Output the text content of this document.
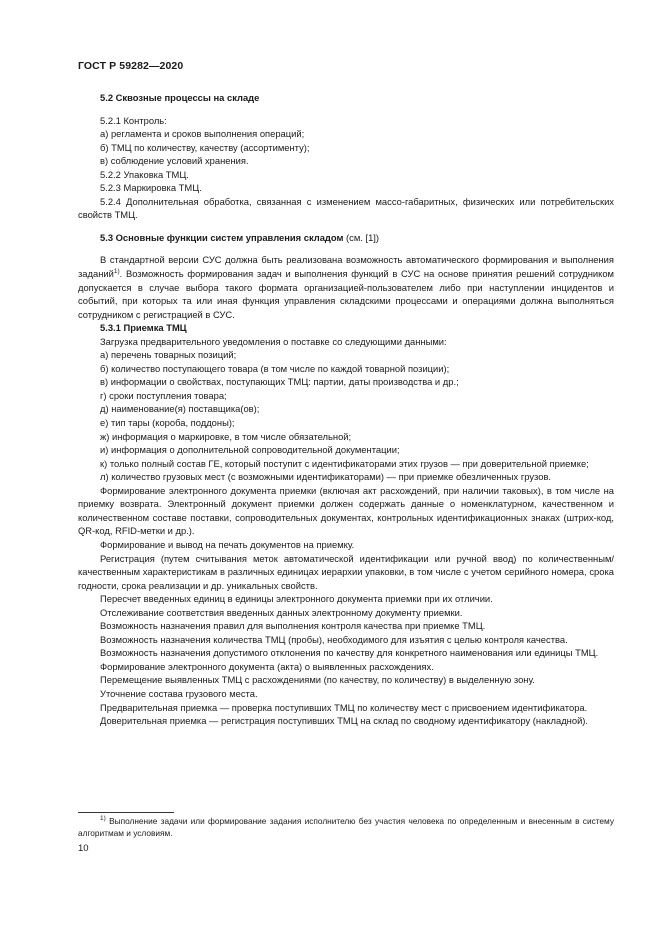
ГОСТ Р 59282—2020

5.2 Сквозные процессы на складе

5.2.1 Контроль:

а) регламента и сроков выполнения операций;

б) ТМЦ по количеству, качеству (ассортименту);

в) соблюдение условий хранения.

5.2.2 Упаковка ТМЦ.

5.2.3 Маркировка ТМЦ.

5.2.4 Дополнительная обработка, связанная с изменением массо-габаритных, физических или потребительских свойств ТМЦ.

5.3 Основные функции систем управления складом (см. [1])

В стандартной версии СУС должна быть реализована возможность автоматического формирования и выполнения заданий$^{1)}$. Возможность формирования задач и выполнения функций в СУС на основе принятия решений сотрудником допускается в случае выбора такого формата организацией-пользователем либо при наступлении инцидентов и событий, при которых та или иная функция управления складскими процессами и операциями должна выполняться сотрудником с регистрацией в СУС.

5.3.1 Приемка ТМЦ

Загрузка предварительного уведомления о поставке со следующими данными:

а) перечень товарных позиций;

б) количество поступающего товара (в том числе по каждой товарной позиции);

в) информации о свойствах, поступающих ТМЦ: партии, даты производства и др.;

г) сроки поступления товара;

д) наименование(я) поставщика(ов);

е) тип тары (короба, поддоны);

ж) информация о маркировке, в том числе обязательной;

и) информация о дополнительной сопроводительной документации;

к) только полный состав ГЕ, который поступит с идентификаторами этих грузов — при доверительной приемке;

л) количество грузовых мест (с возможными идентификаторами) — при приемке обезличенных грузов.

Формирование электронного документа приемки (включая акт расхождений, при наличии таковых), в том числе на приемку возврата. Электронный документ приемки должен содержать данные о номенклатурном, качественном и количественном составе поставки, сопроводительных документах, контрольных идентификационных знаках (штрих-код, QR-код, RFID-метки и др.).

Формирование и вывод на печать документов на приемку.

Регистрация (путем считывания меток автоматической идентификации или ручной ввод) по количественным/качественным характеристикам в различных единицах иерархии упаковки, в том числе с учетом серийного номера, срока годности, срока реализации и др. уникальных свойств.

Пересчет введенных единиц в единицы электронного документа приемки при их отличии.

Отслеживание соответствия введенных данных электронному документу приемки.

Возможность назначения правил для выполнения контроля качества при приемке ТМЦ.

Возможность назначения количества ТМЦ (пробы), необходимого для изъятия с целью контроля качества.

Возможность назначения допустимого отклонения по качеству для конкретного наименования или единицы ТМЦ.

Формирование электронного документа (акта) о выявленных расхождениях.

Перемещение выявленных ТМЦ с расхождениями (по качеству, по количеству) в выделенную зону.

Уточнение состава грузового места.

Предварительная приемка — проверка поступивших ТМЦ по количеству мест с присвоением идентификатора.

Доверительная приемка — регистрация поступивших ТМЦ на склад по сводному идентификатору (накладной).

$^{1)}$ Выполнение задачи или формирование задания исполнителю без участия человека по определенным и внесенным в систему алгоритмам и условиям.
10
